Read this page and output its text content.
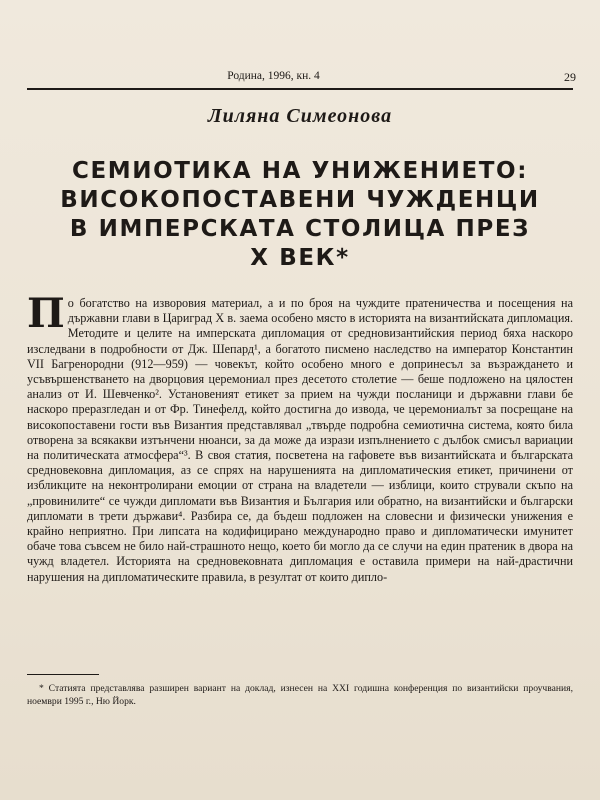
Родина, 1996, кн. 4	29
Лиляна Симеонова
СЕМИОТИКА НА УНИЖЕНИЕТО:
ВИСОКОПОСТАВЕНИ ЧУЖДЕНЦИ
В ИМПЕРСКАТА СТОЛИЦА ПРЕЗ
X ВЕК*

По богатство на изворовия материал, а и по броя на чуждите пратеничества и посещения на държавни глави в Цариград X в. заема особено място в историята на византийската дипломация. Методите и целите на имперската дипломация от средновизантийския период бяха наскоро изследвани в подробности от Дж. Шепард¹, а богатото писмено наследство на император Константин VII Багренородни (912—959) — човекът, който особено много е допринесъл за възраждането и усъвършенстването на дворцовия церемониал през десетото столетие — беше подложено на цялостен анализ от И. Шевченко². Установеният етикет за прием на чужди посланици и държавни глави бе наскоро преразгледан и от Фр. Тинефелд, който достигна до извода, че церемониалът за посрещане на високопоставени гости във Византия представлявал „твърде подробна семиотична система, която била отворена за всякакви изтънчени нюанси, за да може да изрази изпълнението с дълбок смисъл вариации на политическата атмосфера“³. В своя статия, посветена на гафовете във византийската и българската средновековна дипломация, аз се спрях на нарушенията на дипломатическия етикет, причинени от избликците на неконтролирани емоции от страна на владетели — изблици, които стрували скъпо на „провинилите“ се чужди дипломати във Византия и България или обратно, на византийски и български дипломати в трети държави⁴. Разбира се, да бъдеш подложен на словесни и физически унижения е крайно неприятно. При липсата на кодифицирано международно право и дипломатически имунитет обаче това съвсем не било най-страшното нещо, което би могло да се случи на един пратеник в двора на чужд владетел. Историята на средновековната дипломация е оставила примери на най-драстични нарушения на дипломатическите правила, в резултат от които дипло-

* Статията представлява разширен вариант на доклад, изнесен на XXI годишна конференция по византийски проучвания, ноември 1995 г., Ню Йорк.
